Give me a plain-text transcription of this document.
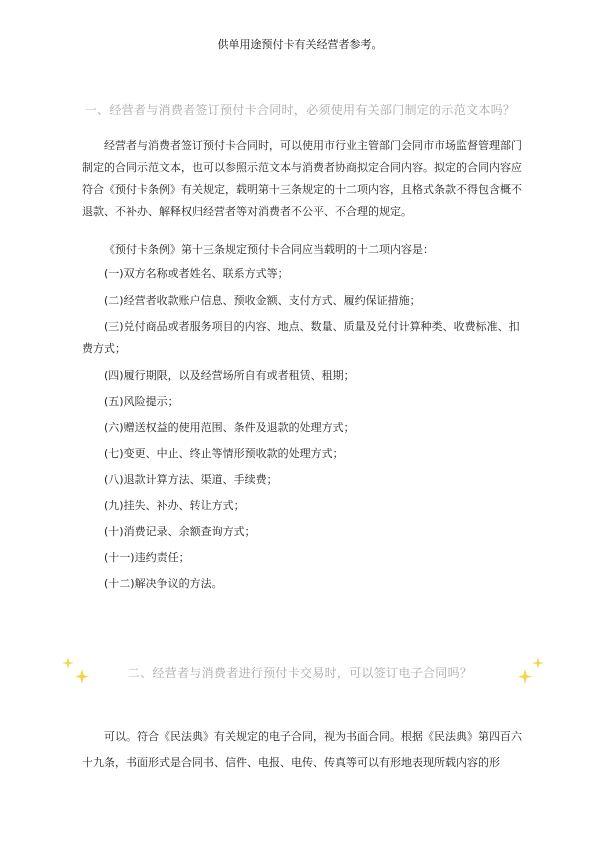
供单用途预付卡有关经营者参考。
一、经营者与消费者签订预付卡合同时，必须使用有关部门制定的示范文本吗？

经营者与消费者签订预付卡合同时，可以使用市行业主管部门会同市市场监督管理部门制定的合同示范文本，也可以参照示范文本与消费者协商拟定合同内容。拟定的合同内容应符合《预付卡条例》有关规定，载明第十三条规定的十二项内容，且格式条款不得包含概不退款、不补办、解释权归经营者等对消费者不公平、不合理的规定。

《预付卡条例》第十三条规定预付卡合同应当载明的十二项内容是：

(一)双方名称或者姓名、联系方式等；

(二)经营者收款账户信息、预收金额、支付方式、履约保证措施；

(三)兑付商品或者服务项目的内容、地点、数量、质量及兑付计算种类、收费标准、扣费方式；

(四)履行期限，以及经营场所自有或者租赁、租期；

(五)风险提示；

(六)赠送权益的使用范围、条件及退款的处理方式；

(七)变更、中止、终止等情形预收款的处理方式；

(八)退款计算方法、渠道、手续费；

(九)挂失、补办、转让方式；

(十)消费记录、余额查询方式；

(十一)违约责任；

(十二)解决争议的方法。

二、经营者与消费者进行预付卡交易时，可以签订电子合同吗？

可以。符合《民法典》有关规定的电子合同，视为书面合同。根据《民法典》第四百六十九条，书面形式是合同书、信件、电报、电传、传真等可以有形地表现所载内容的形
